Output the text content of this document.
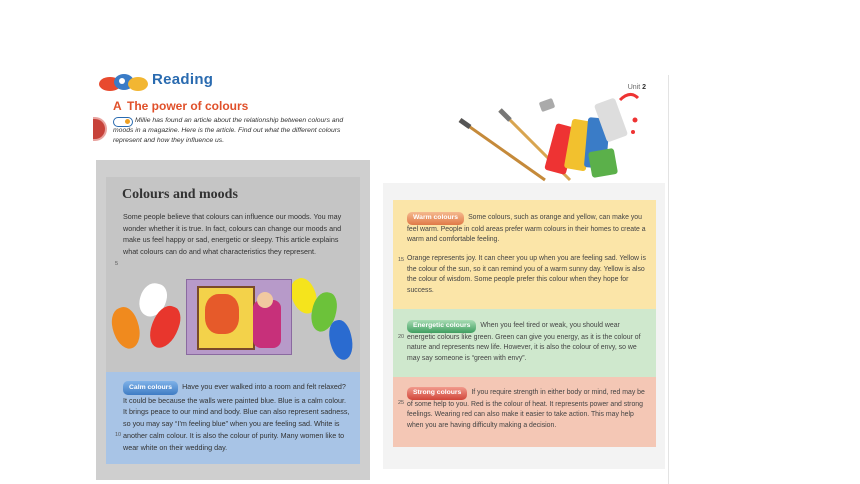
Reading	Unit 2
A The power of colours
Millie has found an article about the relationship between colours and moods in a magazine. Here is the article. Find out what the different colours represent and how they influence us.
Colours and moods
Some people believe that colours can influence our moods. You may wonder whether it is true. In fact, colours can change our moods and make us feel happy or sad, energetic or sleepy. This article explains what colours can do and what characteristics they represent.
5
Calm colours Have you ever walked into a room and felt relaxed? It could be because the walls were painted blue. Blue is a calm colour. It brings peace to our mind and body. Blue can also represent sadness, so you may say “I’m feeling blue” when you are feeling sad. White is another calm colour. It is also the colour of purity. Many women like to wear white on their wedding day.
10
Warm colours Some colours, such as orange and yellow, can make you feel warm. People in cold areas prefer warm colours in their homes to create a warm and comfortable feeling.
Orange represents joy. It can cheer you up when you are feeling sad. Yellow is the colour of the sun, so it can remind you of a warm sunny day. Yellow is also the colour of wisdom. Some people prefer this colour when they hope for success.
15
Energetic colours When you feel tired or weak, you should wear energetic colours like green. Green can give you energy, as it is the colour of nature and represents new life. However, it is also the colour of envy, so we may say someone is “green with envy”.
20
Strong colours If you require strength in either body or mind, red may be of some help to you. Red is the colour of heat. It represents power and strong feelings. Wearing red can also make it easier to take action. This may help when you are having difficulty making a decision.
25
